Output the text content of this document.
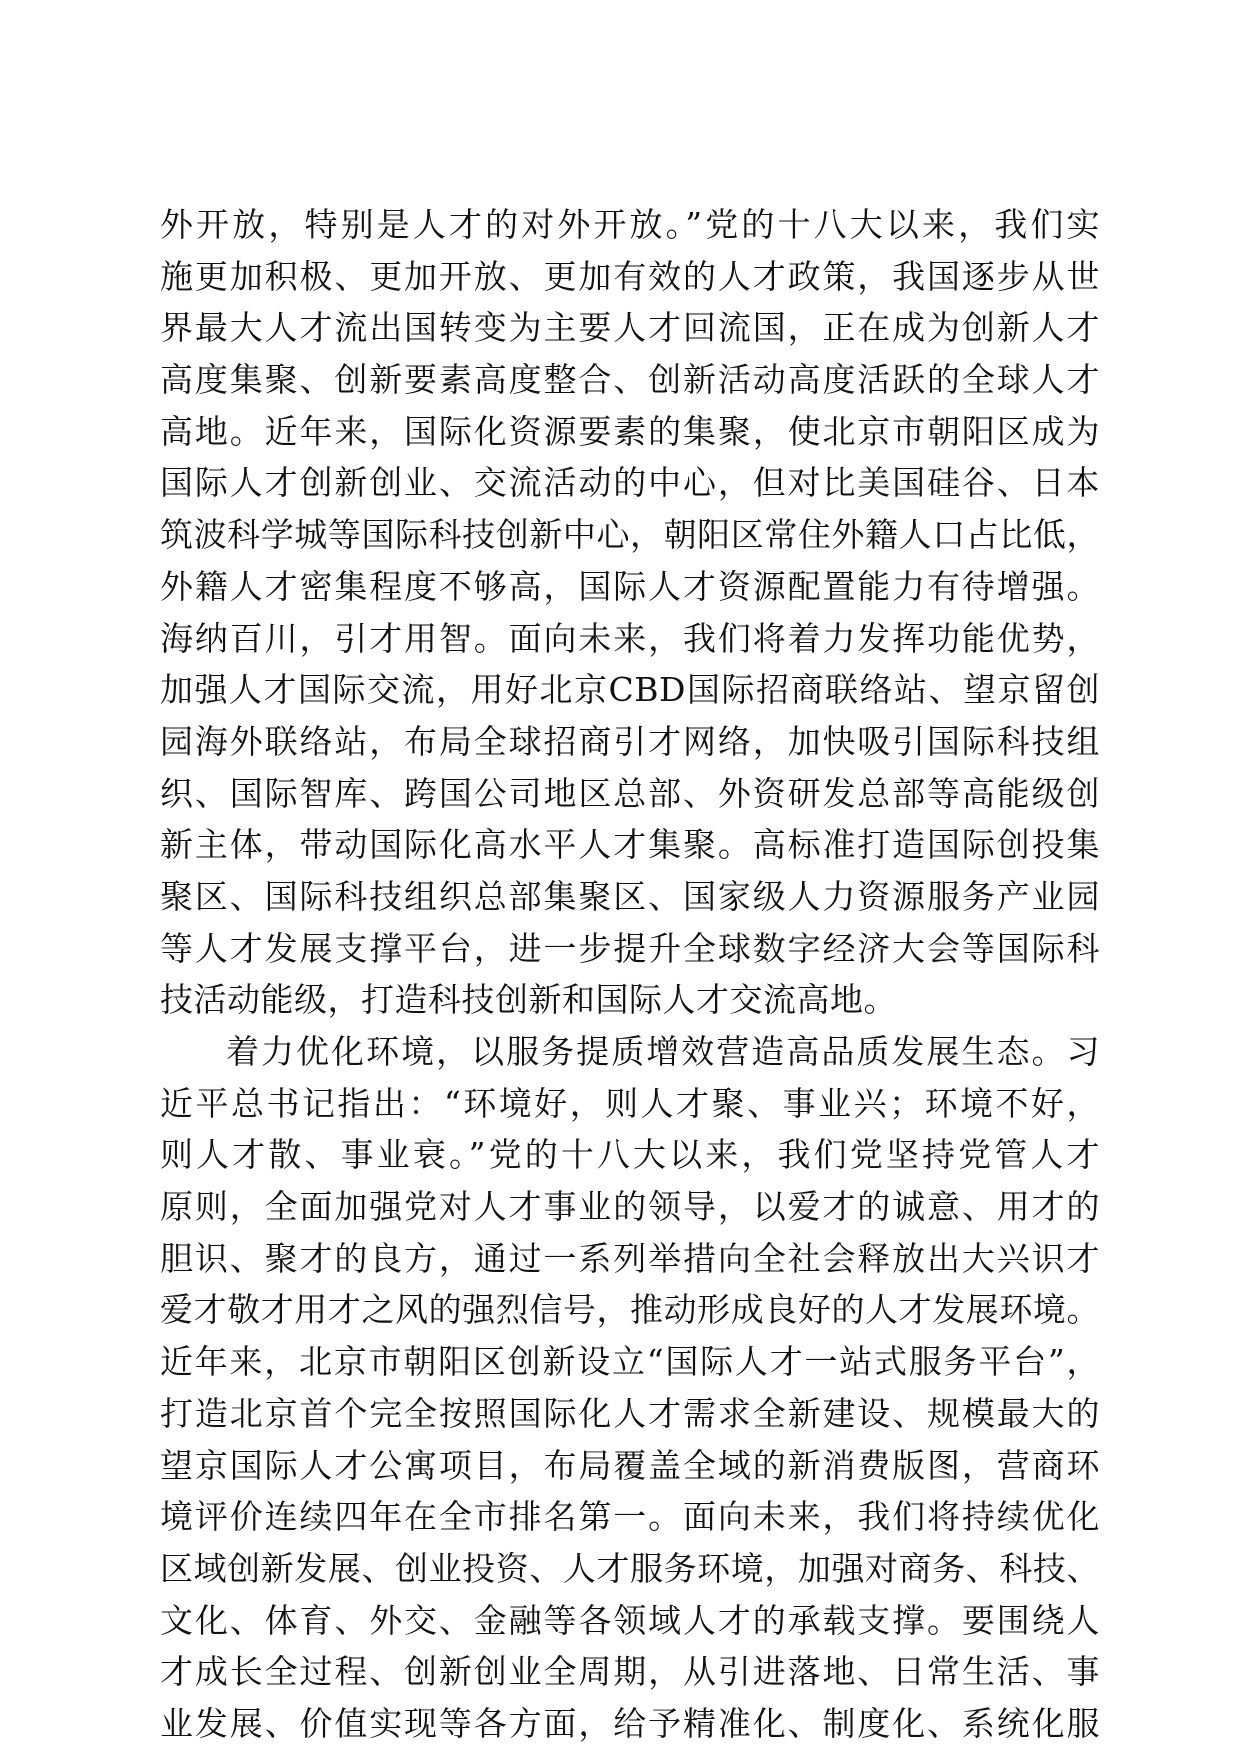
外开放，特别是人才的对外开放。”党的十八大以来，我们实
施更加积极、更加开放、更加有效的人才政策，我国逐步从世
界最大人才流出国转变为主要人才回流国，正在成为创新人才
高度集聚、创新要素高度整合、创新活动高度活跃的全球人才
高地。近年来，国际化资源要素的集聚，使北京市朝阳区成为
国际人才创新创业、交流活动的中心，但对比美国硅谷、日本
筑波科学城等国际科技创新中心，朝阳区常住外籍人口占比低，
外籍人才密集程度不够高，国际人才资源配置能力有待增强。
海纳百川，引才用智。面向未来，我们将着力发挥功能优势，
加强人才国际交流，用好北京CBD国际招商联络站、望京留创
园海外联络站，布局全球招商引才网络，加快吸引国际科技组
织、国际智库、跨国公司地区总部、外资研发总部等高能级创
新主体，带动国际化高水平人才集聚。高标准打造国际创投集
聚区、国际科技组织总部集聚区、国家级人力资源服务产业园
等人才发展支撑平台，进一步提升全球数字经济大会等国际科
技活动能级，打造科技创新和国际人才交流高地。
着力优化环境，以服务提质增效营造高品质发展生态。习
近平总书记指出：“环境好，则人才聚、事业兴；环境不好，
则人才散、事业衰。”党的十八大以来，我们党坚持党管人才
原则，全面加强党对人才事业的领导，以爱才的诚意、用才的
胆识、聚才的良方，通过一系列举措向全社会释放出大兴识才
爱才敬才用才之风的强烈信号，推动形成良好的人才发展环境。
近年来，北京市朝阳区创新设立“国际人才一站式服务平台”，
打造北京首个完全按照国际化人才需求全新建设、规模最大的
望京国际人才公寓项目，布局覆盖全域的新消费版图，营商环
境评价连续四年在全市排名第一。面向未来，我们将持续优化
区域创新发展、创业投资、人才服务环境，加强对商务、科技、
文化、体育、外交、金融等各领域人才的承载支撑。要围绕人
才成长全过程、创新创业全周期，从引进落地、日常生活、事
业发展、价值实现等各方面，给予精准化、制度化、系统化服
